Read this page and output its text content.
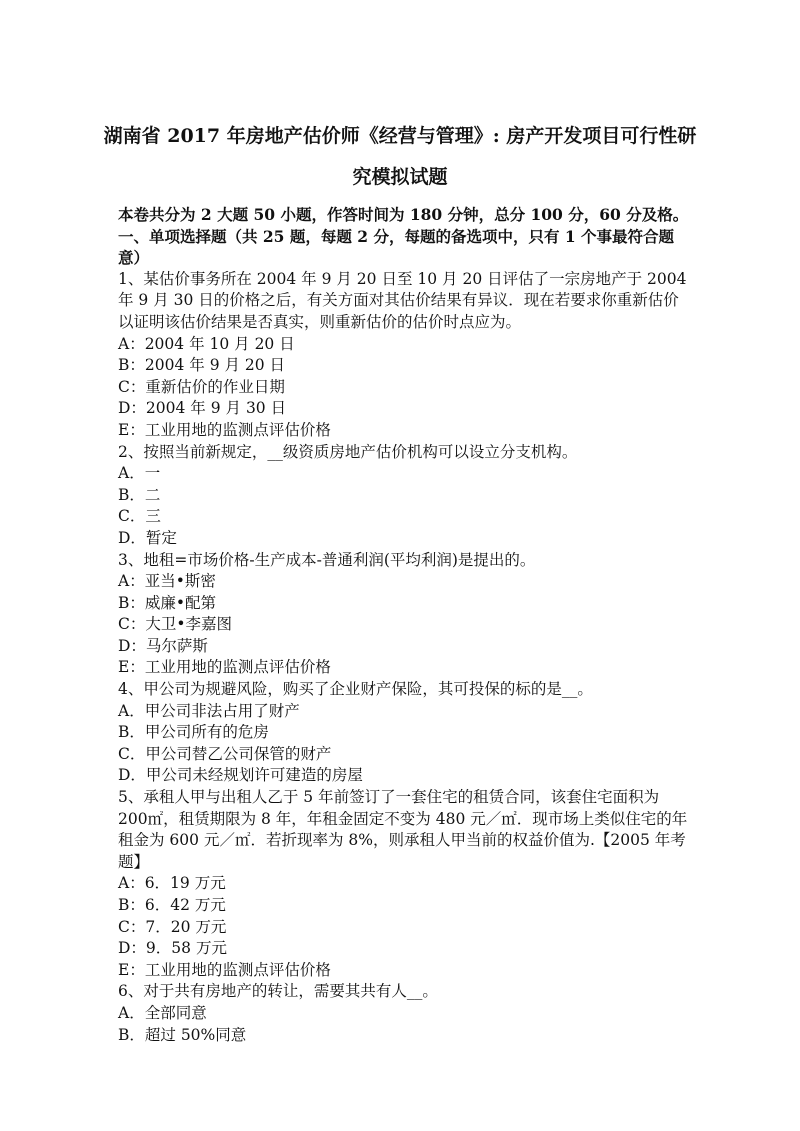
湖南省 2017 年房地产估价师《经营与管理》: 房产开发项目可行性研
究模拟试题

本卷共分为 2 大题 50 小题，作答时间为 180 分钟，总分 100 分，60 分及格。

一、单项选择题（共 25 题，每题 2 分，每题的备选项中，只有 1 个事最符合题意）

1、某估价事务所在 2004 年 9 月 20 日至 10 月 20 日评估了一宗房地产于 2004 年 9 月 30 日的价格之后，有关方面对其估价结果有异议．现在若要求你重新估价以证明该估价结果是否真实，则重新估价的估价时点应为。

A：2004 年 10 月 20 日

B：2004 年 9 月 20 日

C：重新估价的作业日期

D：2004 年 9 月 30 日

E：工业用地的监测点评估价格

2、按照当前新规定，__级资质房地产估价机构可以设立分支机构。

A．一

B．二

C．三

D．暂定

3、地租=市场价格-生产成本-普通利润(平均利润)是提出的。

A：亚当•斯密

B：威廉•配第

C：大卫•李嘉图

D：马尔萨斯

E：工业用地的监测点评估价格

4、甲公司为规避风险，购买了企业财产保险，其可投保的标的是__。

A．甲公司非法占用了财产

B．甲公司所有的危房

C．甲公司替乙公司保管的财产

D．甲公司未经规划许可建造的房屋

5、承租人甲与出租人乙于 5 年前签订了一套住宅的租赁合同，该套住宅面积为 200㎡，租赁期限为 8 年，年租金固定不变为 480 元／㎡．现市场上类似住宅的年租金为 600 元／㎡．若折现率为 8%，则承租人甲当前的权益价值为.【2005 年考题】

A：6．19 万元

B：6．42 万元

C：7．20 万元

D：9．58 万元

E：工业用地的监测点评估价格

6、对于共有房地产的转让，需要其共有人__。

A．全部同意

B．超过 50%同意
